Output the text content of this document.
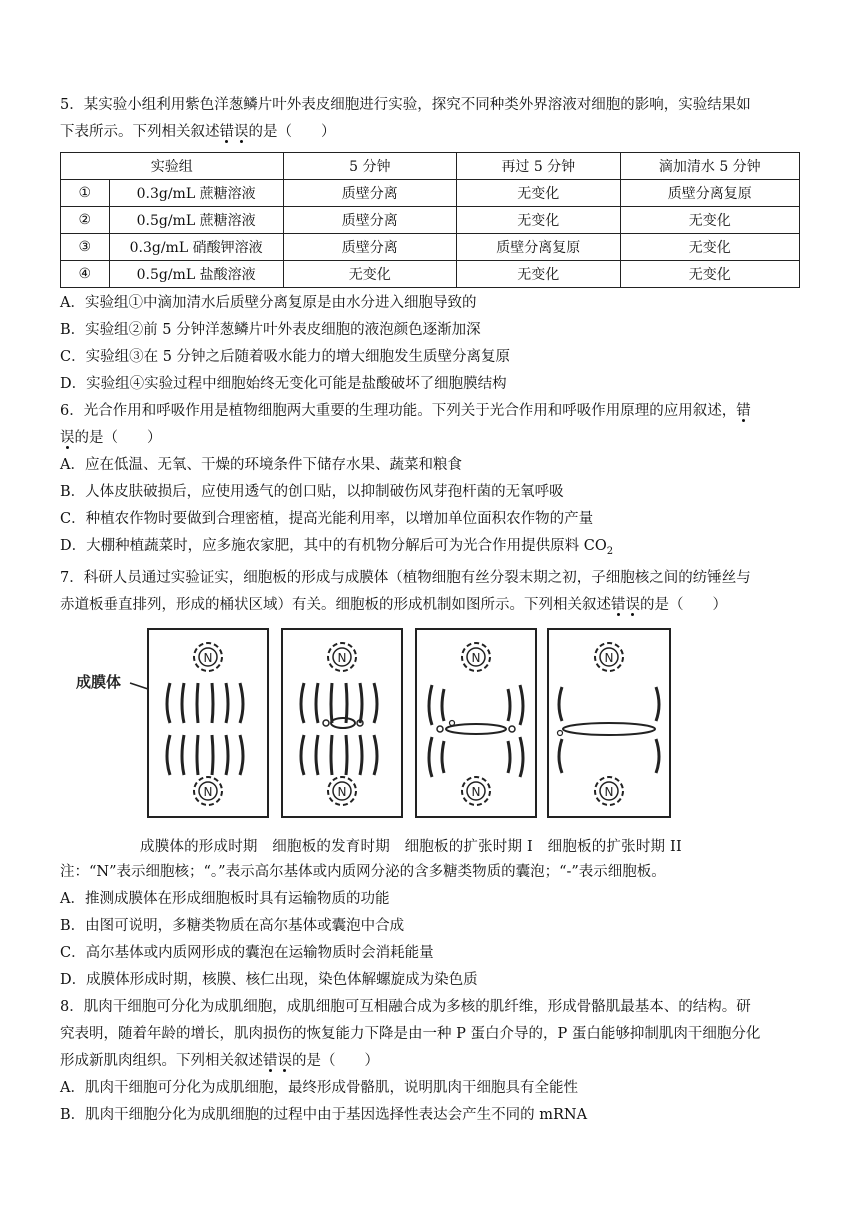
5．某实验小组利用紫色洋葱鳞片叶外表皮细胞进行实验，探究不同种类外界溶液对细胞的影响，实验结果如

下表所示。下列相关叙述错误的是（　　）

实验组		5 分钟	再过 5 分钟	滴加清水 5 分钟
①	0.3g/mL 蔗糖溶液	质壁分离	无变化	质壁分离复原
②	0.5g/mL 蔗糖溶液	质壁分离	无变化	无变化
③	0.3g/mL 硝酸钾溶液	质壁分离	质壁分离复原	无变化
④	0.5g/mL 盐酸溶液	无变化	无变化	无变化

A．实验组①中滴加清水后质壁分离复原是由水分进入细胞导致的

B．实验组②前 5 分钟洋葱鳞片叶外表皮细胞的液泡颜色逐渐加深

C．实验组③在 5 分钟之后随着吸水能力的增大细胞发生质壁分离复原

D．实验组④实验过程中细胞始终无变化可能是盐酸破坏了细胞膜结构

6．光合作用和呼吸作用是植物细胞两大重要的生理功能。下列关于光合作用和呼吸作用原理的应用叙述，错

误的是（　　）

A．应在低温、无氧、干燥的环境条件下储存水果、蔬菜和粮食

B．人体皮肤破损后，应使用透气的创口贴，以抑制破伤风芽孢杆菌的无氧呼吸

C．种植农作物时要做到合理密植，提高光能利用率，以增加单位面积农作物的产量

D．大棚种植蔬菜时，应多施农家肥，其中的有机物分解后可为光合作用提供原料 $CO_2$

7．科研人员通过实验证实，细胞板的形成与成膜体（植物细胞有丝分裂末期之初，子细胞核之间的纺锤丝与

赤道板垂直排列，形成的桶状区域）有关。细胞板的形成机制如图所示。下列相关叙述错误的是（　　）

成膜体
N
N
N
N
N
N
N
N

成膜体的形成时期　细胞板的发育时期　细胞板的扩张时期 I　细胞板的扩张时期 II

注：“N”表示细胞核；“。”表示高尔基体或内质网分泌的含多糖类物质的囊泡；“-”表示细胞板。

A．推测成膜体在形成细胞板时具有运输物质的功能

B．由图可说明，多糖类物质在高尔基体或囊泡中合成

C．高尔基体或内质网形成的囊泡在运输物质时会消耗能量

D．成膜体形成时期，核膜、核仁出现，染色体解螺旋成为染色质

8．肌肉干细胞可分化为成肌细胞，成肌细胞可互相融合成为多核的肌纤维，形成骨骼肌最基本、的结构。研

究表明，随着年龄的增长，肌肉损伤的恢复能力下降是由一种 P 蛋白介导的，P 蛋白能够抑制肌肉干细胞分化

形成新肌肉组织。下列相关叙述错误的是（　　）

A．肌肉干细胞可分化为成肌细胞，最终形成骨骼肌，说明肌肉干细胞具有全能性

B．肌肉干细胞分化为成肌细胞的过程中由于基因选择性表达会产生不同的 mRNA
